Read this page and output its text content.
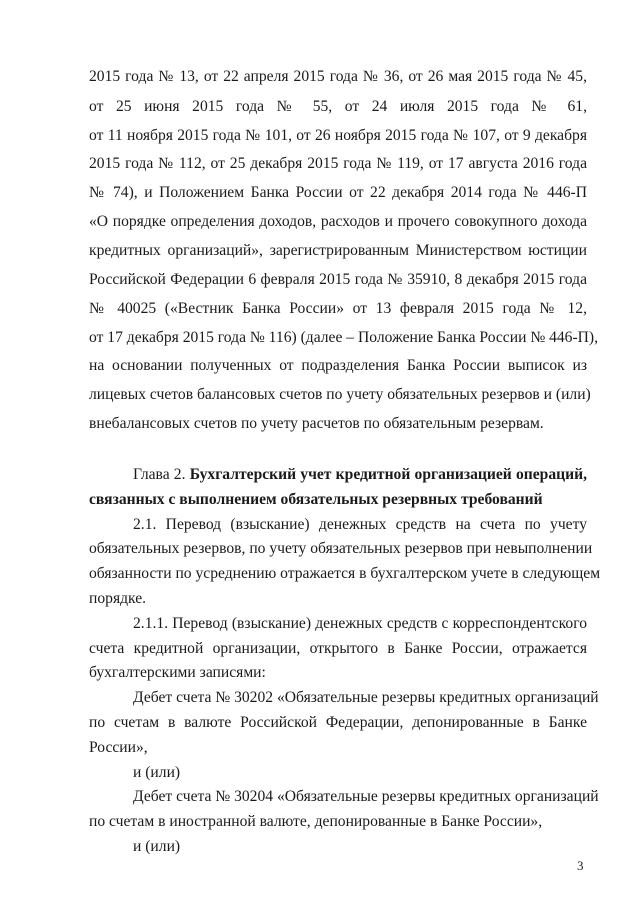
2015 года № 13, от 22 апреля 2015 года № 36, от 26 мая 2015 года № 45,
от 25 июня 2015 года № 55, от 24 июля 2015 года № 61,
от 11 ноября 2015 года № 101, от 26 ноября 2015 года № 107, от 9 декабря
2015 года № 112, от 25 декабря 2015 года № 119, от 17 августа 2016 года
№ 74), и Положением Банка России от 22 декабря 2014 года № 446-П
«О порядке определения доходов, расходов и прочего совокупного дохода
кредитных организаций», зарегистрированным Министерством юстиции
Российской Федерации 6 февраля 2015 года № 35910, 8 декабря 2015 года
№ 40025 («Вестник Банка России» от 13 февраля 2015 года № 12,
от 17 декабря 2015 года № 116) (далее – Положение Банка России № 446-П),
на основании полученных от подразделения Банка России выписок из
лицевых счетов балансовых счетов по учету обязательных резервов и (или)
внебалансовых счетов по учету расчетов по обязательным резервам.
Глава 2. Бухгалтерский учет кредитной организацией операций,
связанных с выполнением обязательных резервных требований
2.1. Перевод (взыскание) денежных средств на счета по учету
обязательных резервов, по учету обязательных резервов при невыполнении
обязанности по усреднению отражается в бухгалтерском учете в следующем
порядке.
2.1.1. Перевод (взыскание) денежных средств с корреспондентского
счета кредитной организации, открытого в Банке России, отражается
бухгалтерскими записями:
Дебет счета № 30202 «Обязательные резервы кредитных организаций
по счетам в валюте Российской Федерации, депонированные в Банке
России»,
и (или)
Дебет счета № 30204 «Обязательные резервы кредитных организаций
по счетам в иностранной валюте, депонированные в Банке России»,
и (или)
3
